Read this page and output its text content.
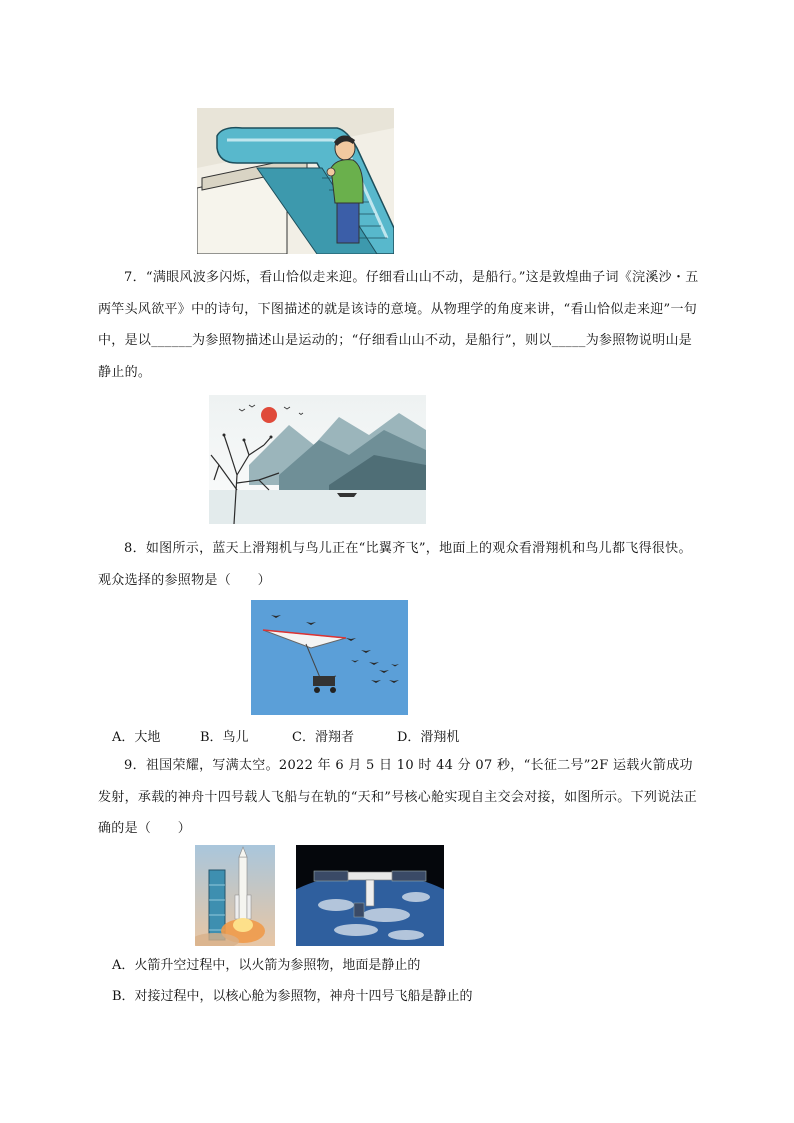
7．“满眼风波多闪烁，看山恰似走来迎。仔细看山山不动，是船行。”这是敦煌曲子词《浣溪沙・五两竿头风欲平》中的诗句，下图描述的就是该诗的意境。从物理学的角度来讲，“看山恰似走来迎”一句中，是以______为参照物描述山是运动的；“仔细看山山不动，是船行”，则以_____为参照物说明山是静止的。

8．如图所示，蓝天上滑翔机与鸟儿正在“比翼齐飞”，地面上的观众看滑翔机和鸟儿都飞得很快。观众选择的参照物是（　　）

A．大地	B．鸟儿	C．滑翔者	D．滑翔机

9．祖国荣耀，写满太空。2022 年 6 月 5 日 10 时 44 分 07 秒，“长征二号”2F 运载火箭成功发射，承载的神舟十四号载人飞船与在轨的“天和”号核心舱实现自主交会对接，如图所示。下列说法正确的是（　　）

A．火箭升空过程中，以火箭为参照物，地面是静止的
B．对接过程中，以核心舱为参照物，神舟十四号飞船是静止的
